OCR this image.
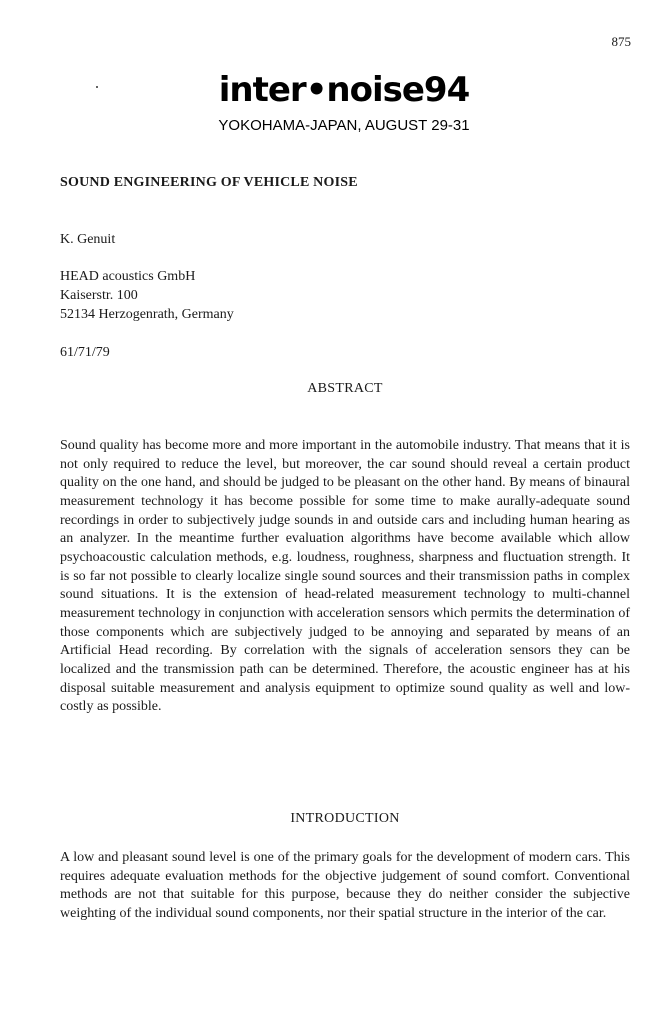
875
inter•noise94
YOKOHAMA-JAPAN, AUGUST 29-31
SOUND ENGINEERING OF VEHICLE NOISE
K. Genuit
HEAD acoustics GmbH
Kaiserstr. 100
52134 Herzogenrath, Germany
61/71/79
ABSTRACT

Sound quality has become more and more important in the automobile industry. That means that it is not only required to reduce the level, but moreover, the car sound should reveal a certain product quality on the one hand, and should be judged to be pleasant on the other hand. By means of binaural measurement technology it has become possible for some time to make aurally-adequate sound recordings in order to subjectively judge sounds in and outside cars and including human hearing as an analyzer. In the meantime further evaluation algorithms have become available which allow psychoacoustic calculation methods, e.g. loudness, roughness, sharpness and fluctuation strength. It is so far not possible to clearly localize single sound sources and their transmission paths in complex sound situations. It is the extension of head-related measurement technology to multi-channel measurement technology in conjunction with acceleration sensors which permits the determination of those components which are subjectively judged to be annoying and separated by means of an Artificial Head recording. By correlation with the signals of acceleration sensors they can be localized and the transmission path can be determined. Therefore, the acoustic engineer has at his disposal suitable measurement and analysis equipment to optimize sound quality as well and low-costly as possible.

INTRODUCTION

A low and pleasant sound level is one of the primary goals for the development of modern cars. This requires adequate evaluation methods for the objective judgement of sound comfort. Conventional methods are not that suitable for this purpose, because they do neither consider the subjective weighting of the individual sound components, nor their spatial structure in the interior of the car.
